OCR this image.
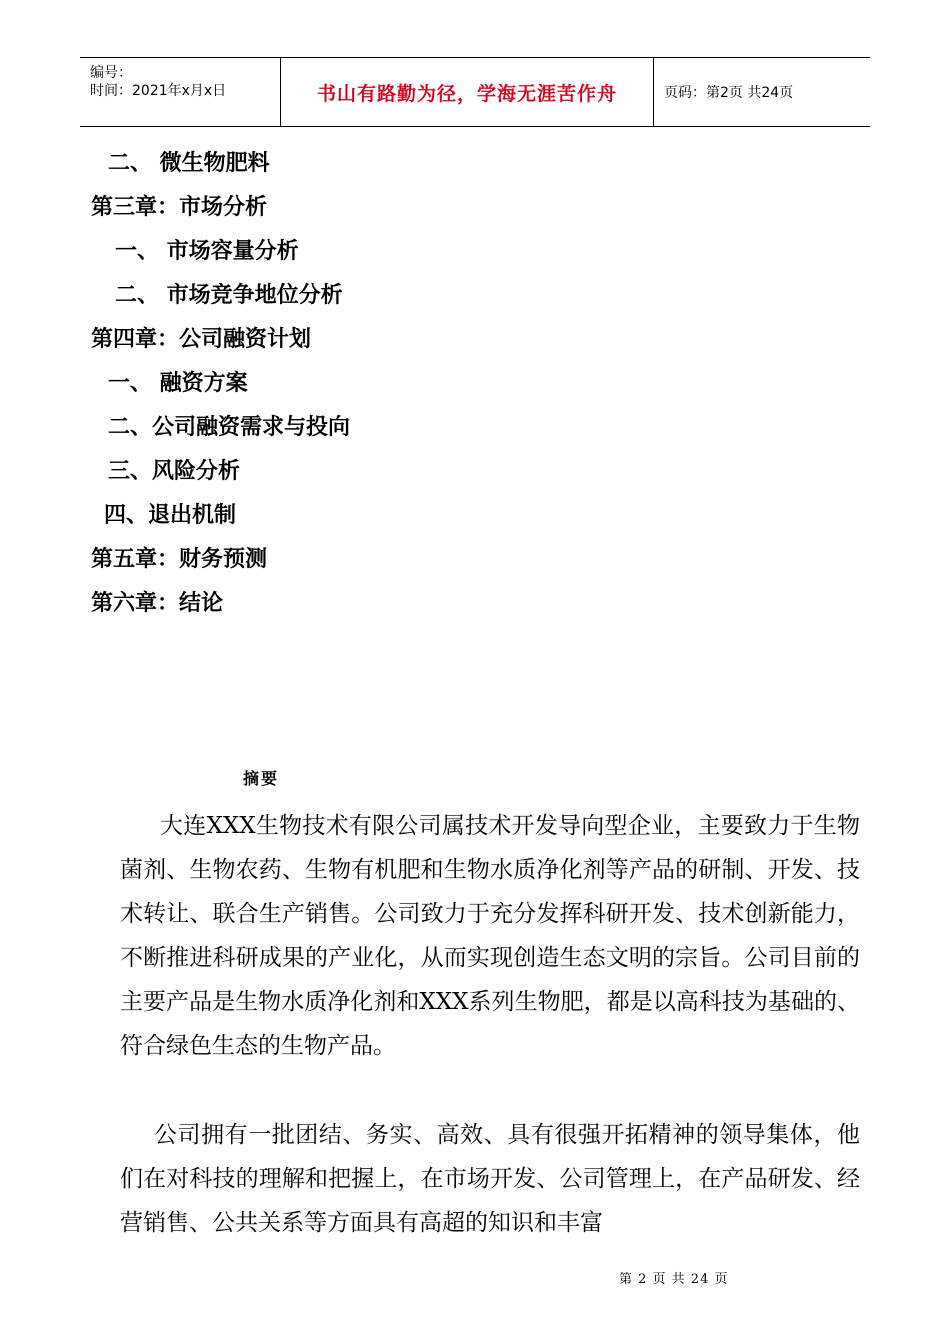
编号：
时间：2021年x月x日	书山有路勤为径，学海无涯苦作舟	页码：第2页 共24页
二、 微生物肥料
第三章：市场分析
一、 市场容量分析
二、 市场竞争地位分析
第四章：公司融资计划
一、 融资方案
二、公司融资需求与投向
三、风险分析
四、退出机制
第五章：财务预测
第六章：结论
摘要

大连XXX生物技术有限公司属技术开发导向型企业，主要致力于生物菌剂、生物农药、生物有机肥和生物水质净化剂等产品的研制、开发、技术转让、联合生产销售。公司致力于充分发挥科研开发、技术创新能力，不断推进科研成果的产业化，从而实现创造生态文明的宗旨。公司目前的主要产品是生物水质净化剂和XXX系列生物肥，都是以高科技为基础的、符合绿色生态的生物产品。

公司拥有一批团结、务实、高效、具有很强开拓精神的领导集体，他们在对科技的理解和把握上，在市场开发、公司管理上，在产品研发、经营销售、公共关系等方面具有高超的知识和丰富

第 2 页 共 24 页
